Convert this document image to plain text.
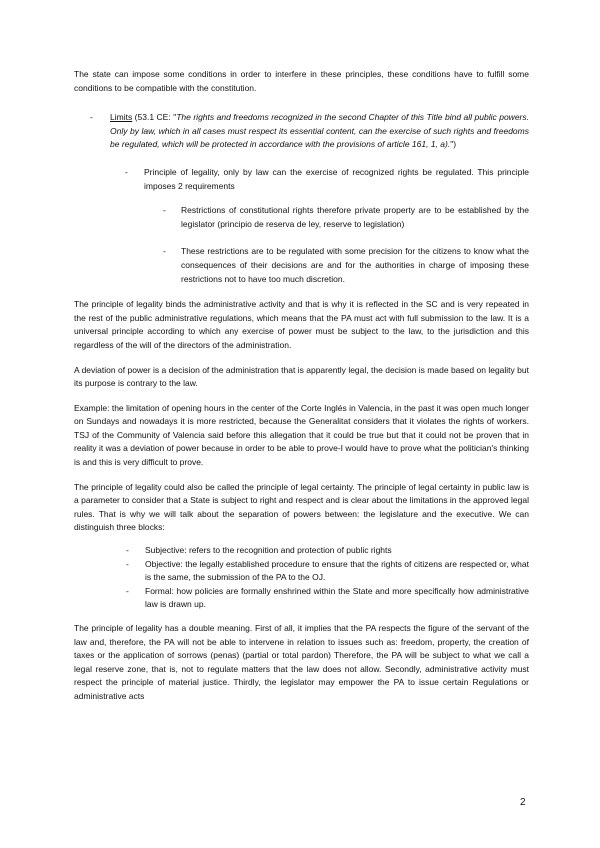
The state can impose some conditions in order to interfere in these principles, these conditions have to fulfill some conditions to be compatible with the constitution.

- Limits (53.1 CE: "The rights and freedoms recognized in the second Chapter of this Title bind all public powers. Only by law, which in all cases must respect its essential content, can the exercise of such rights and freedoms be regulated, which will be protected in accordance with the provisions of article 161, 1, a).")

- Principle of legality, only by law can the exercise of recognized rights be regulated. This principle imposes 2 requirements

- Restrictions of constitutional rights therefore private property are to be established by the legislator (principio de reserva de ley, reserve to legislation)

- These restrictions are to be regulated with some precision for the citizens to know what the consequences of their decisions are and for the authorities in charge of imposing these restrictions not to have too much discretion.

The principle of legality binds the administrative activity and that is why it is reflected in the SC and is very repeated in the rest of the public administrative regulations, which means that the PA must act with full submission to the law. It is a universal principle according to which any exercise of power must be subject to the law, to the jurisdiction and this regardless of the will of the directors of the administration.

A deviation of power is a decision of the administration that is apparently legal, the decision is made based on legality but its purpose is contrary to the law.

Example: the limitation of opening hours in the center of the Corte Inglés in Valencia, in the past it was open much longer on Sundays and nowadays it is more restricted, because the Generalitat considers that it violates the rights of workers. TSJ of the Community of Valencia said before this allegation that it could be true but that it could not be proven that in reality it was a deviation of power because in order to be able to prove-I would have to prove what the politician's thinking is and this is very difficult to prove.

The principle of legality could also be called the principle of legal certainty. The principle of legal certainty in public law is a parameter to consider that a State is subject to right and respect and is clear about the limitations in the approved legal rules. That is why we will talk about the separation of powers between: the legislature and the executive. We can distinguish three blocks:

- Subjective: refers to the recognition and protection of public rights

- Objective: the legally established procedure to ensure that the rights of citizens are respected or, what is the same, the submission of the PA to the OJ.

- Formal: how policies are formally enshrined within the State and more specifically how administrative law is drawn up.

The principle of legality has a double meaning. First of all, it implies that the PA respects the figure of the servant of the law and, therefore, the PA will not be able to intervene in relation to issues such as: freedom, property, the creation of taxes or the application of sorrows (penas) (partial or total pardon) Therefore, the PA will be subject to what we call a legal reserve zone, that is, not to regulate matters that the law does not allow. Secondly, administrative activity must respect the principle of material justice. Thirdly, the legislator may empower the PA to issue certain Regulations or administrative acts

2
